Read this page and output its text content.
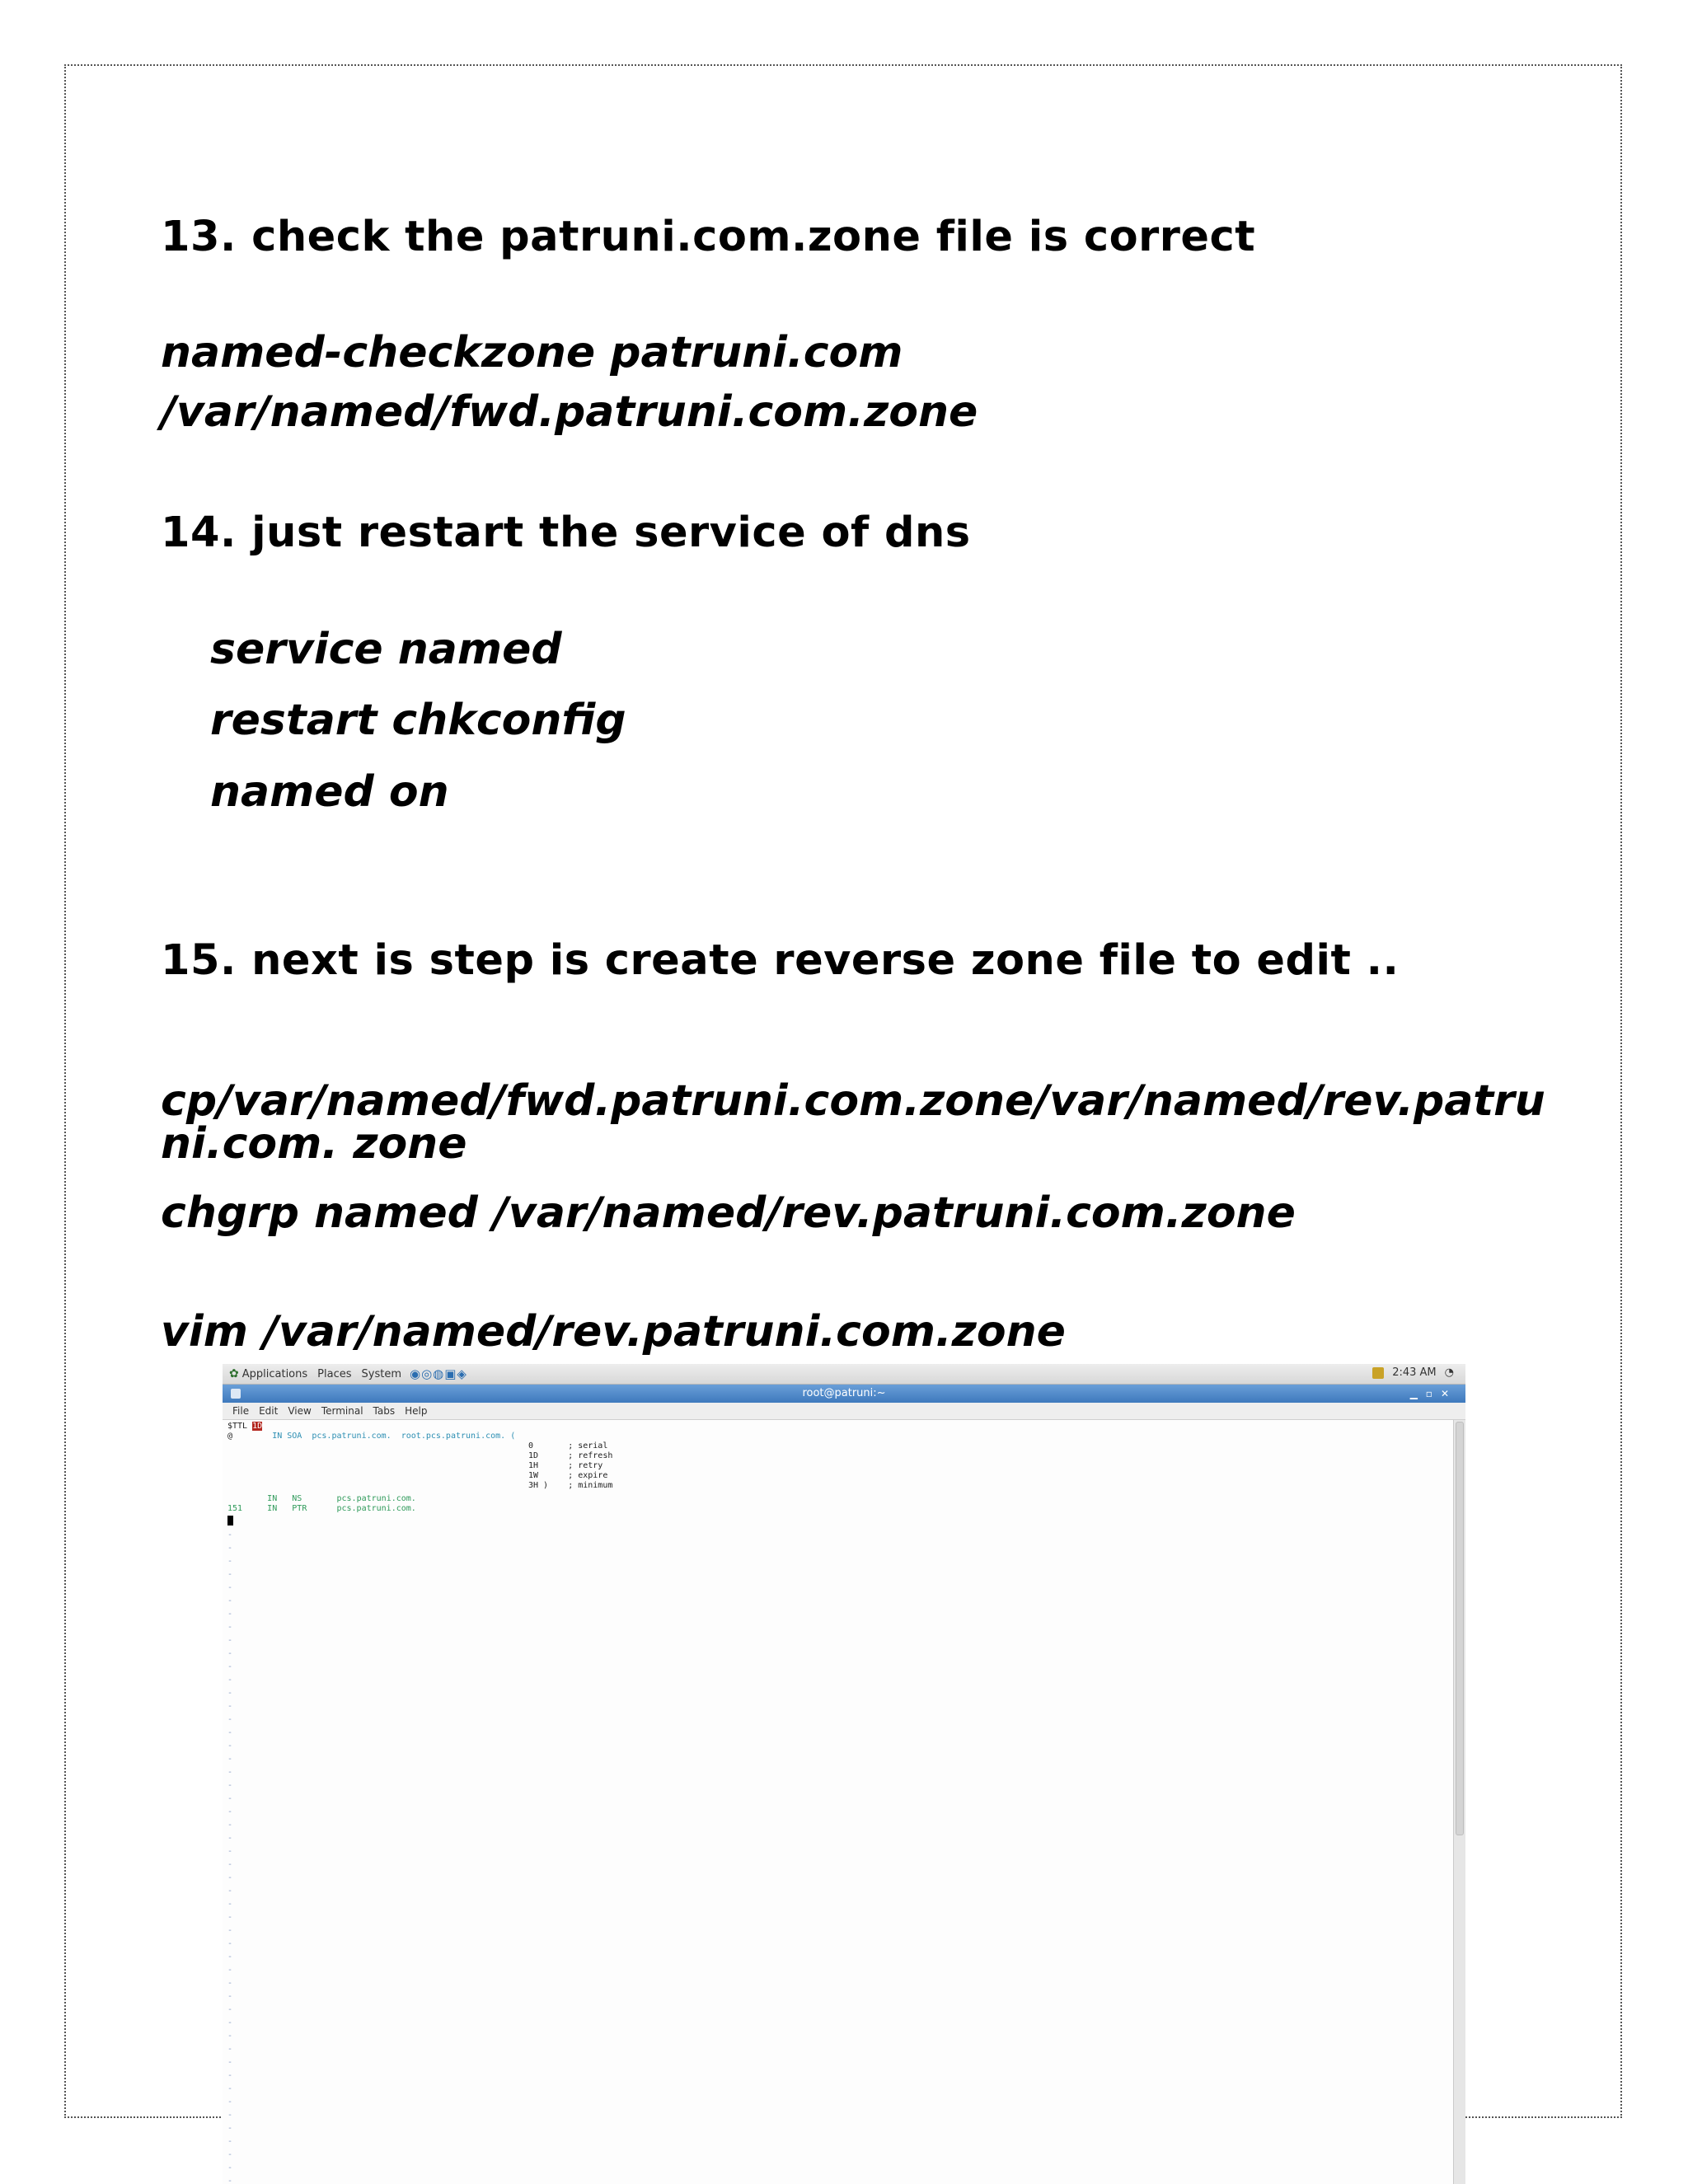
13. check the patruni.com.zone file is correct

named-checkzone patruni.com

/var/named/fwd.patruni.com.zone

14. just restart the service of dns

service named

restart chkconfig

named on

15. next is step is create reverse zone file to edit ..

cp/var/named/fwd.patruni.com.zone/var/named/rev.patru

ni.com. zone

chgrp named /var/named/rev.patruni.com.zone

vim /var/named/rev.patruni.com.zone

✿ Applications Places System ◉◎◍▣◈	2:43 AM ◔
root@patruni:~	▁▫✕
File Edit View Terminal Tabs Help
$TTL 1D
@	IN SOA pcs.patruni.com. root.pcs.patruni.com. (
0	; serial
1D	; refresh
1H	; retry
1W	; expire
3H ) ; minimum
IN NS	pcs.patruni.com.
151	IN PTR	pcs.patruni.com.
-
-
-
-
-
-
-
-
-
-
-
-
-
-
-
-
-
-
-
-
-
-
-
-
-
-
-
-
-
-
-
-
-
-
-
-
-
-
-
-
-
-
-
-
-
-
-
-
-
-
